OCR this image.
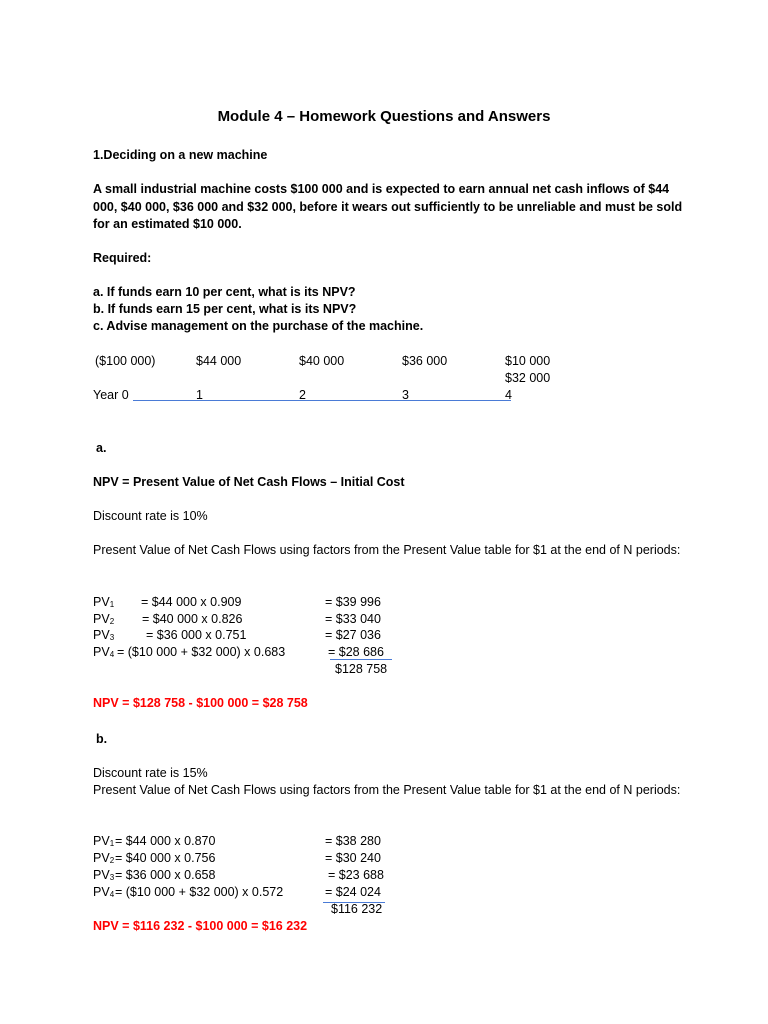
Module 4 – Homework Questions and Answers
1.Deciding on a new machine
A small industrial machine costs $100 000 and is expected to earn annual net cash inflows of $44 000, $40 000, $36 000 and $32 000, before it wears out sufficiently to be unreliable and must be sold for an estimated $10 000.
Required:
a. If funds earn 10 per cent, what is its NPV?
b. If funds earn 15 per cent, what is its NPV?
c. Advise management on the purchase of the machine.
($100 000)	$44 000	$40 000	$36 000	$10 000
$32 000
Year 0	1	2	3	4
a.
NPV = Present Value of Net Cash Flows – Initial Cost
Discount rate is 10%
Present Value of Net Cash Flows using factors from the Present Value table for $1 at the end of N periods:
$PV_1$ = $44 000 x 0.909	= $39 996
$PV_2$ = $40 000 x 0.826	= $33 040
$PV_3$	= $36 000 x 0.751	= $27 036
$PV_4$ = ($10 000 + $32 000) x 0.683	= $28 686
$128 758
NPV = $128 758 - $100 000 = $28 758
b.
Discount rate is 15%
Present Value of Net Cash Flows using factors from the Present Value table for $1 at the end of N periods:
$PV_1$ = $44 000 x 0.870	= $38 280
$PV_2$ = $40 000 x 0.756	= $30 240
$PV_3$ = $36 000 x 0.658	= $23 688
$PV_4$ = ($10 000 + $32 000) x 0.572	= $24 024
$116 232
NPV = $116 232 - $100 000 = $16 232
